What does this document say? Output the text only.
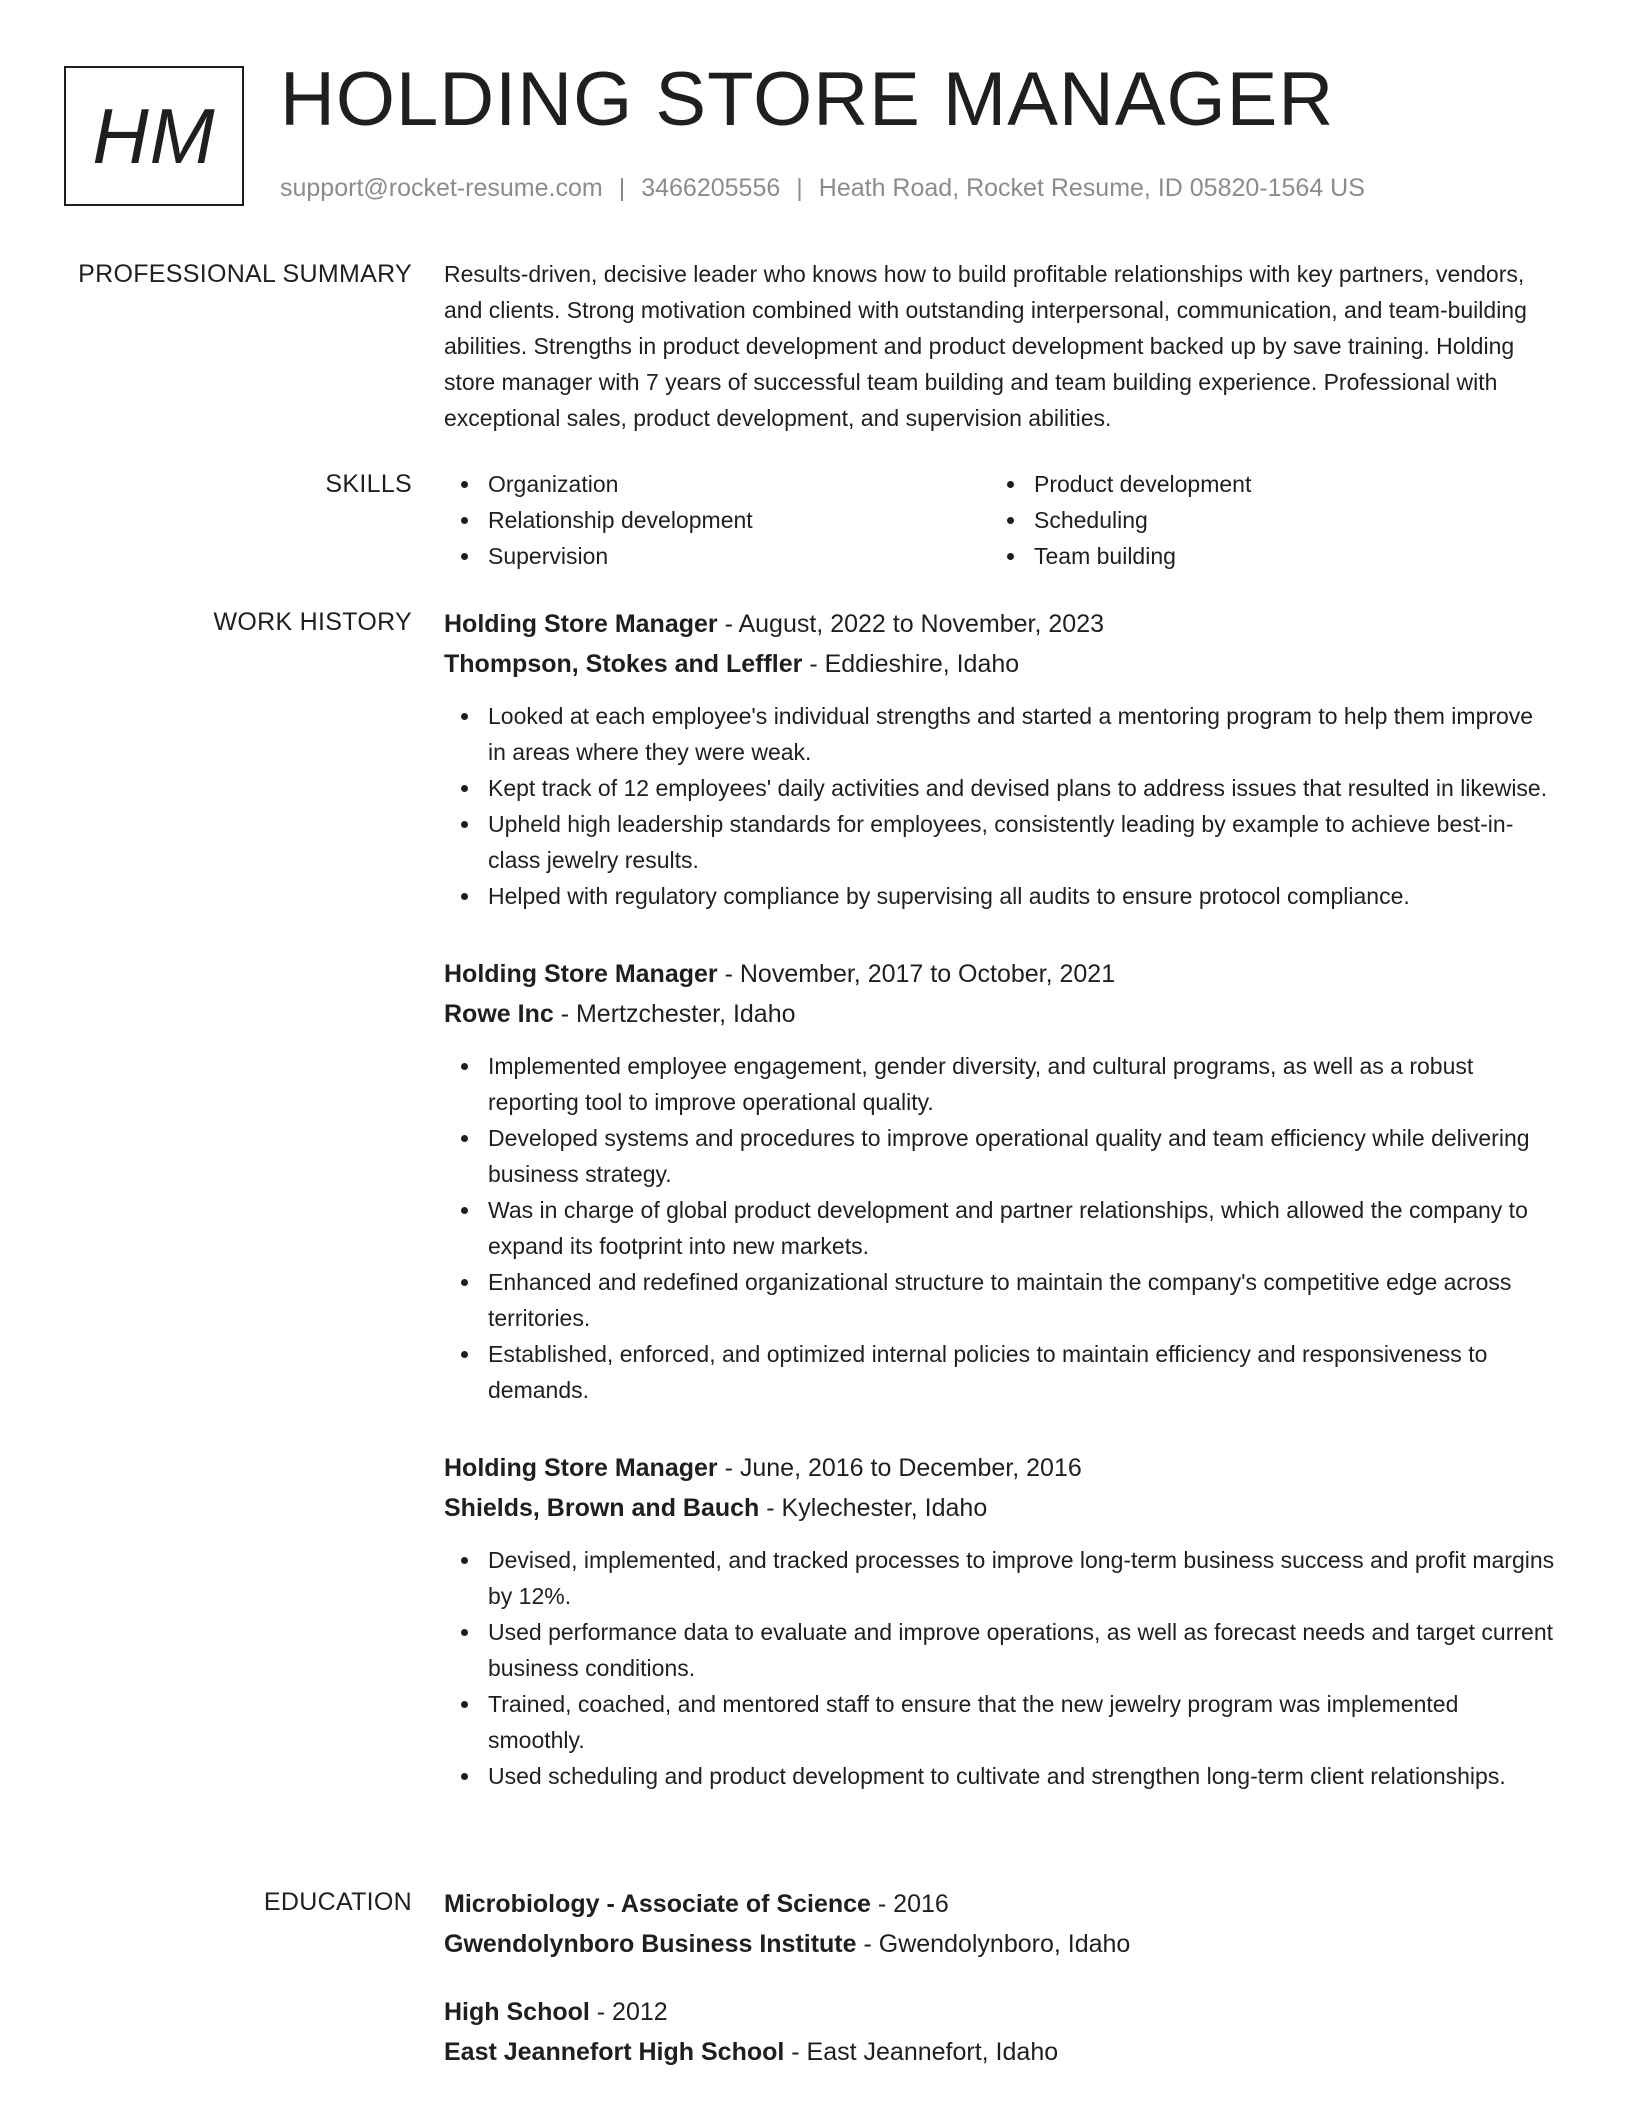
HM HOLDING STORE MANAGER
support@rocket-resume.com | 3466205556 | Heath Road, Rocket Resume, ID 05820-1564 US
PROFESSIONAL SUMMARY Results-driven, decisive leader who knows how to build profitable relationships with key partners, vendors, and clients. Strong motivation combined with outstanding interpersonal, communication, and team-building abilities. Strengths in product development and product development backed up by save training. Holding store manager with 7 years of successful team building and team building experience. Professional with exceptional sales, product development, and supervision abilities.

SKILLS	Organization	Product development
Relationship development	Scheduling
Supervision	Team building
WORK HISTORY Holding Store Manager - August, 2022 to November, 2023
Thompson, Stokes and Leffler - Eddieshire, Idaho
Looked at each employee's individual strengths and started a mentoring program to help them improve in areas where they were weak.
Kept track of 12 employees' daily activities and devised plans to address issues that resulted in likewise.
Upheld high leadership standards for employees, consistently leading by example to achieve best-in-class jewelry results.
Helped with regulatory compliance by supervising all audits to ensure protocol compliance.
Holding Store Manager - November, 2017 to October, 2021
Rowe Inc - Mertzchester, Idaho
Implemented employee engagement, gender diversity, and cultural programs, as well as a robust reporting tool to improve operational quality.
Developed systems and procedures to improve operational quality and team efficiency while delivering business strategy.
Was in charge of global product development and partner relationships, which allowed the company to expand its footprint into new markets.
Enhanced and redefined organizational structure to maintain the company's competitive edge across territories.
Established, enforced, and optimized internal policies to maintain efficiency and responsiveness to demands.
Holding Store Manager - June, 2016 to December, 2016
Shields, Brown and Bauch - Kylechester, Idaho
Devised, implemented, and tracked processes to improve long-term business success and profit margins by 12%.
Used performance data to evaluate and improve operations, as well as forecast needs and target current business conditions.
Trained, coached, and mentored staff to ensure that the new jewelry program was implemented smoothly.
Used scheduling and product development to cultivate and strengthen long-term client relationships.
EDUCATION Microbiology - Associate of Science - 2016
Gwendolynboro Business Institute - Gwendolynboro, Idaho
High School - 2012
East Jeannefort High School - East Jeannefort, Idaho
